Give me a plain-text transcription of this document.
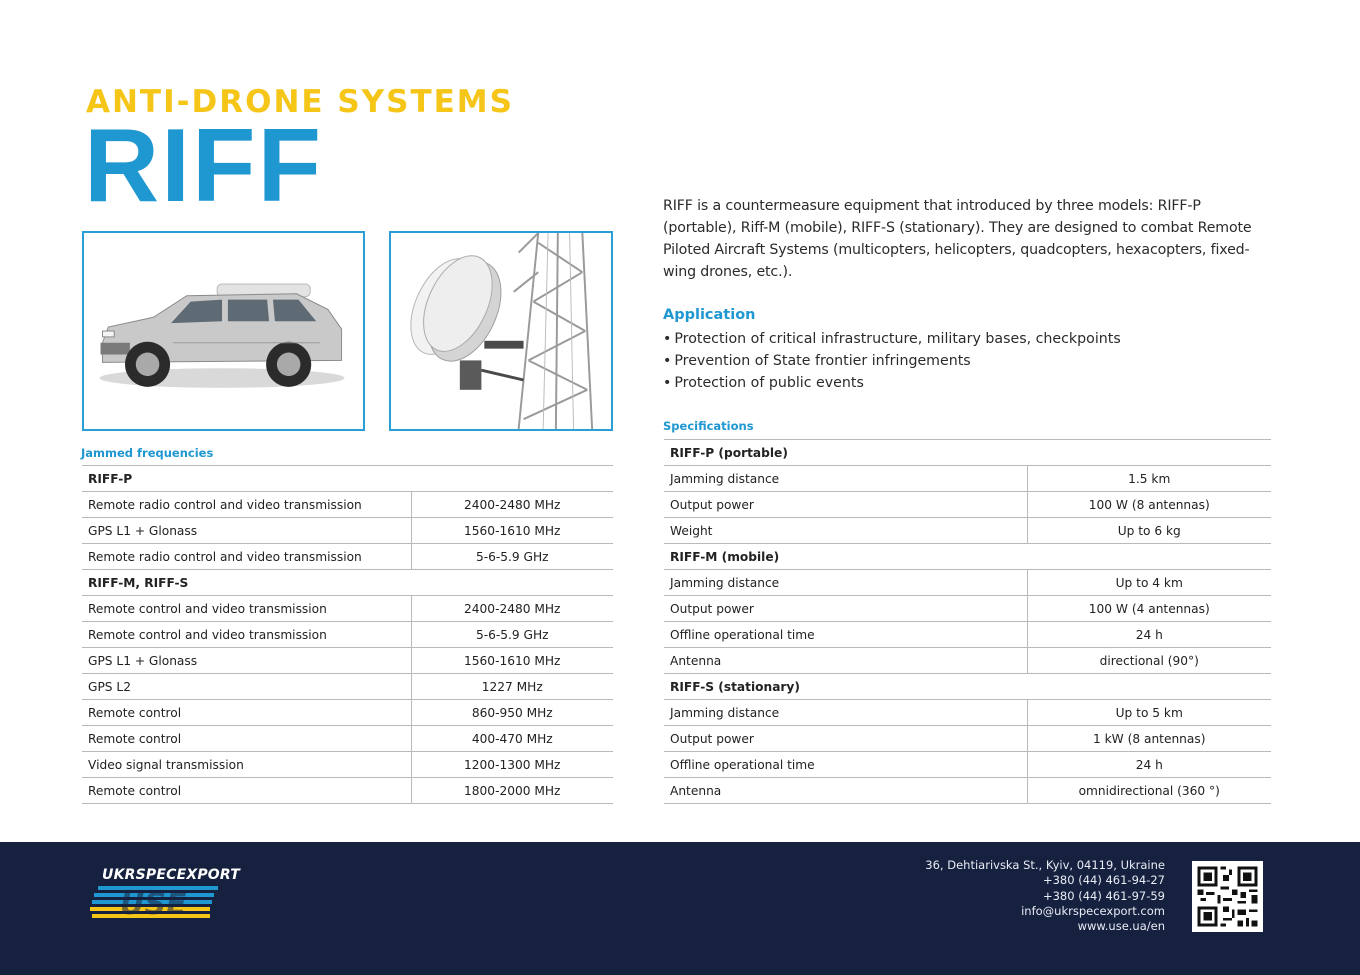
ANTI-DRONE SYSTEMS
RIFF	RIFF is a countermeasure equipment that introduced by three models: RIFF-P (portable), Riff-M (mobile), RIFF-S (stationary). They are designed to combat Remote Piloted Aircraft Systems (multicopters, helicopters, quadcopters, hexacopters, fixed- wing drones, etc.).
Application
• Protection of critical infrastructure, military bases, checkpoints
• Prevention of State frontier infringements
• Protection of public events
Jammed frequencies
RIFF-P	
Remote radio control and video transmission	2400-2480 MHz
GPS L1 + Glonass	1560-1610 MHz
Remote radio control and video transmission	5-6-5.9 GHz
RIFF-M, RIFF-S	
Remote control and video transmission	2400-2480 MHz
Remote control and video transmission	5-6-5.9 GHz
GPS L1 + Glonass	1560-1610 MHz
GPS L2	1227 MHz
Remote control	860-950 MHz
Remote control	400-470 MHz
Video signal transmission	1200-1300 MHz
Remote control	1800-2000 MHz
Specifications
RIFF-P (portable)	
Jamming distance	1.5 km
Output power	100 W (8 antennas)
Weight	Up to 6 kg
RIFF-M (mobile)	
Jamming distance	Up to 4 km
Output power	100 W (4 antennas)
Offline operational time	24 h
Antenna	directional (90°)
RIFF-S (stationary)	
Jamming distance	Up to 5 km
Output power	1 kW (8 antennas)
Offline operational time	24 h
Antenna	omnidirectional (360 °)
UKRSPECEXPORT
USE
36, Dehtiarivska St., Kyiv, 04119, Ukraine
+380 (44) 461-94-27
+380 (44) 461-97-59
info@ukrspecexport.com
www.use.ua/en
